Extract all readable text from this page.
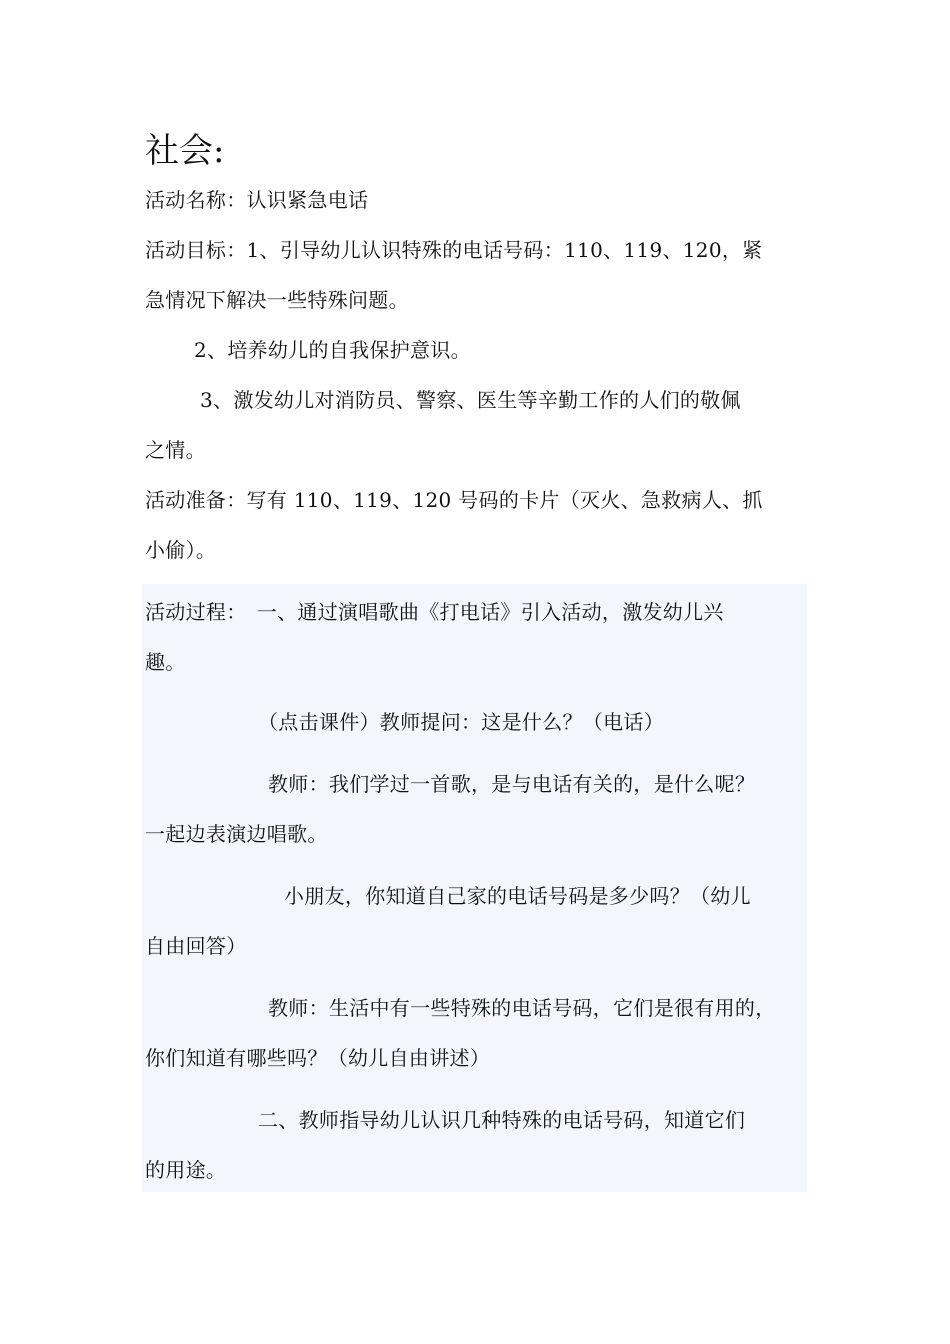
社会:
活动名称：认识紧急电话
活动目标：1、引导幼儿认识特殊的电话号码：110、119、120，紧
急情况下解决一些特殊问题。
2、培养幼儿的自我保护意识。
3、激发幼儿对消防员、警察、医生等辛勤工作的人们的敬佩
之情。
活动准备：写有 110、119、120 号码的卡片（灭火、急救病人、抓
小偷）。
活动过程：　一、通过演唱歌曲《打电话》引入活动，激发幼儿兴
趣。
（点击课件）教师提问：这是什么？（电话）
教师：我们学过一首歌，是与电话有关的，是什么呢？
一起边表演边唱歌。
小朋友，你知道自己家的电话号码是多少吗？（幼儿
自由回答）
教师：生活中有一些特殊的电话号码，它们是很有用的，
你们知道有哪些吗？（幼儿自由讲述）
二、教师指导幼儿认识几种特殊的电话号码，知道它们
的用途。
